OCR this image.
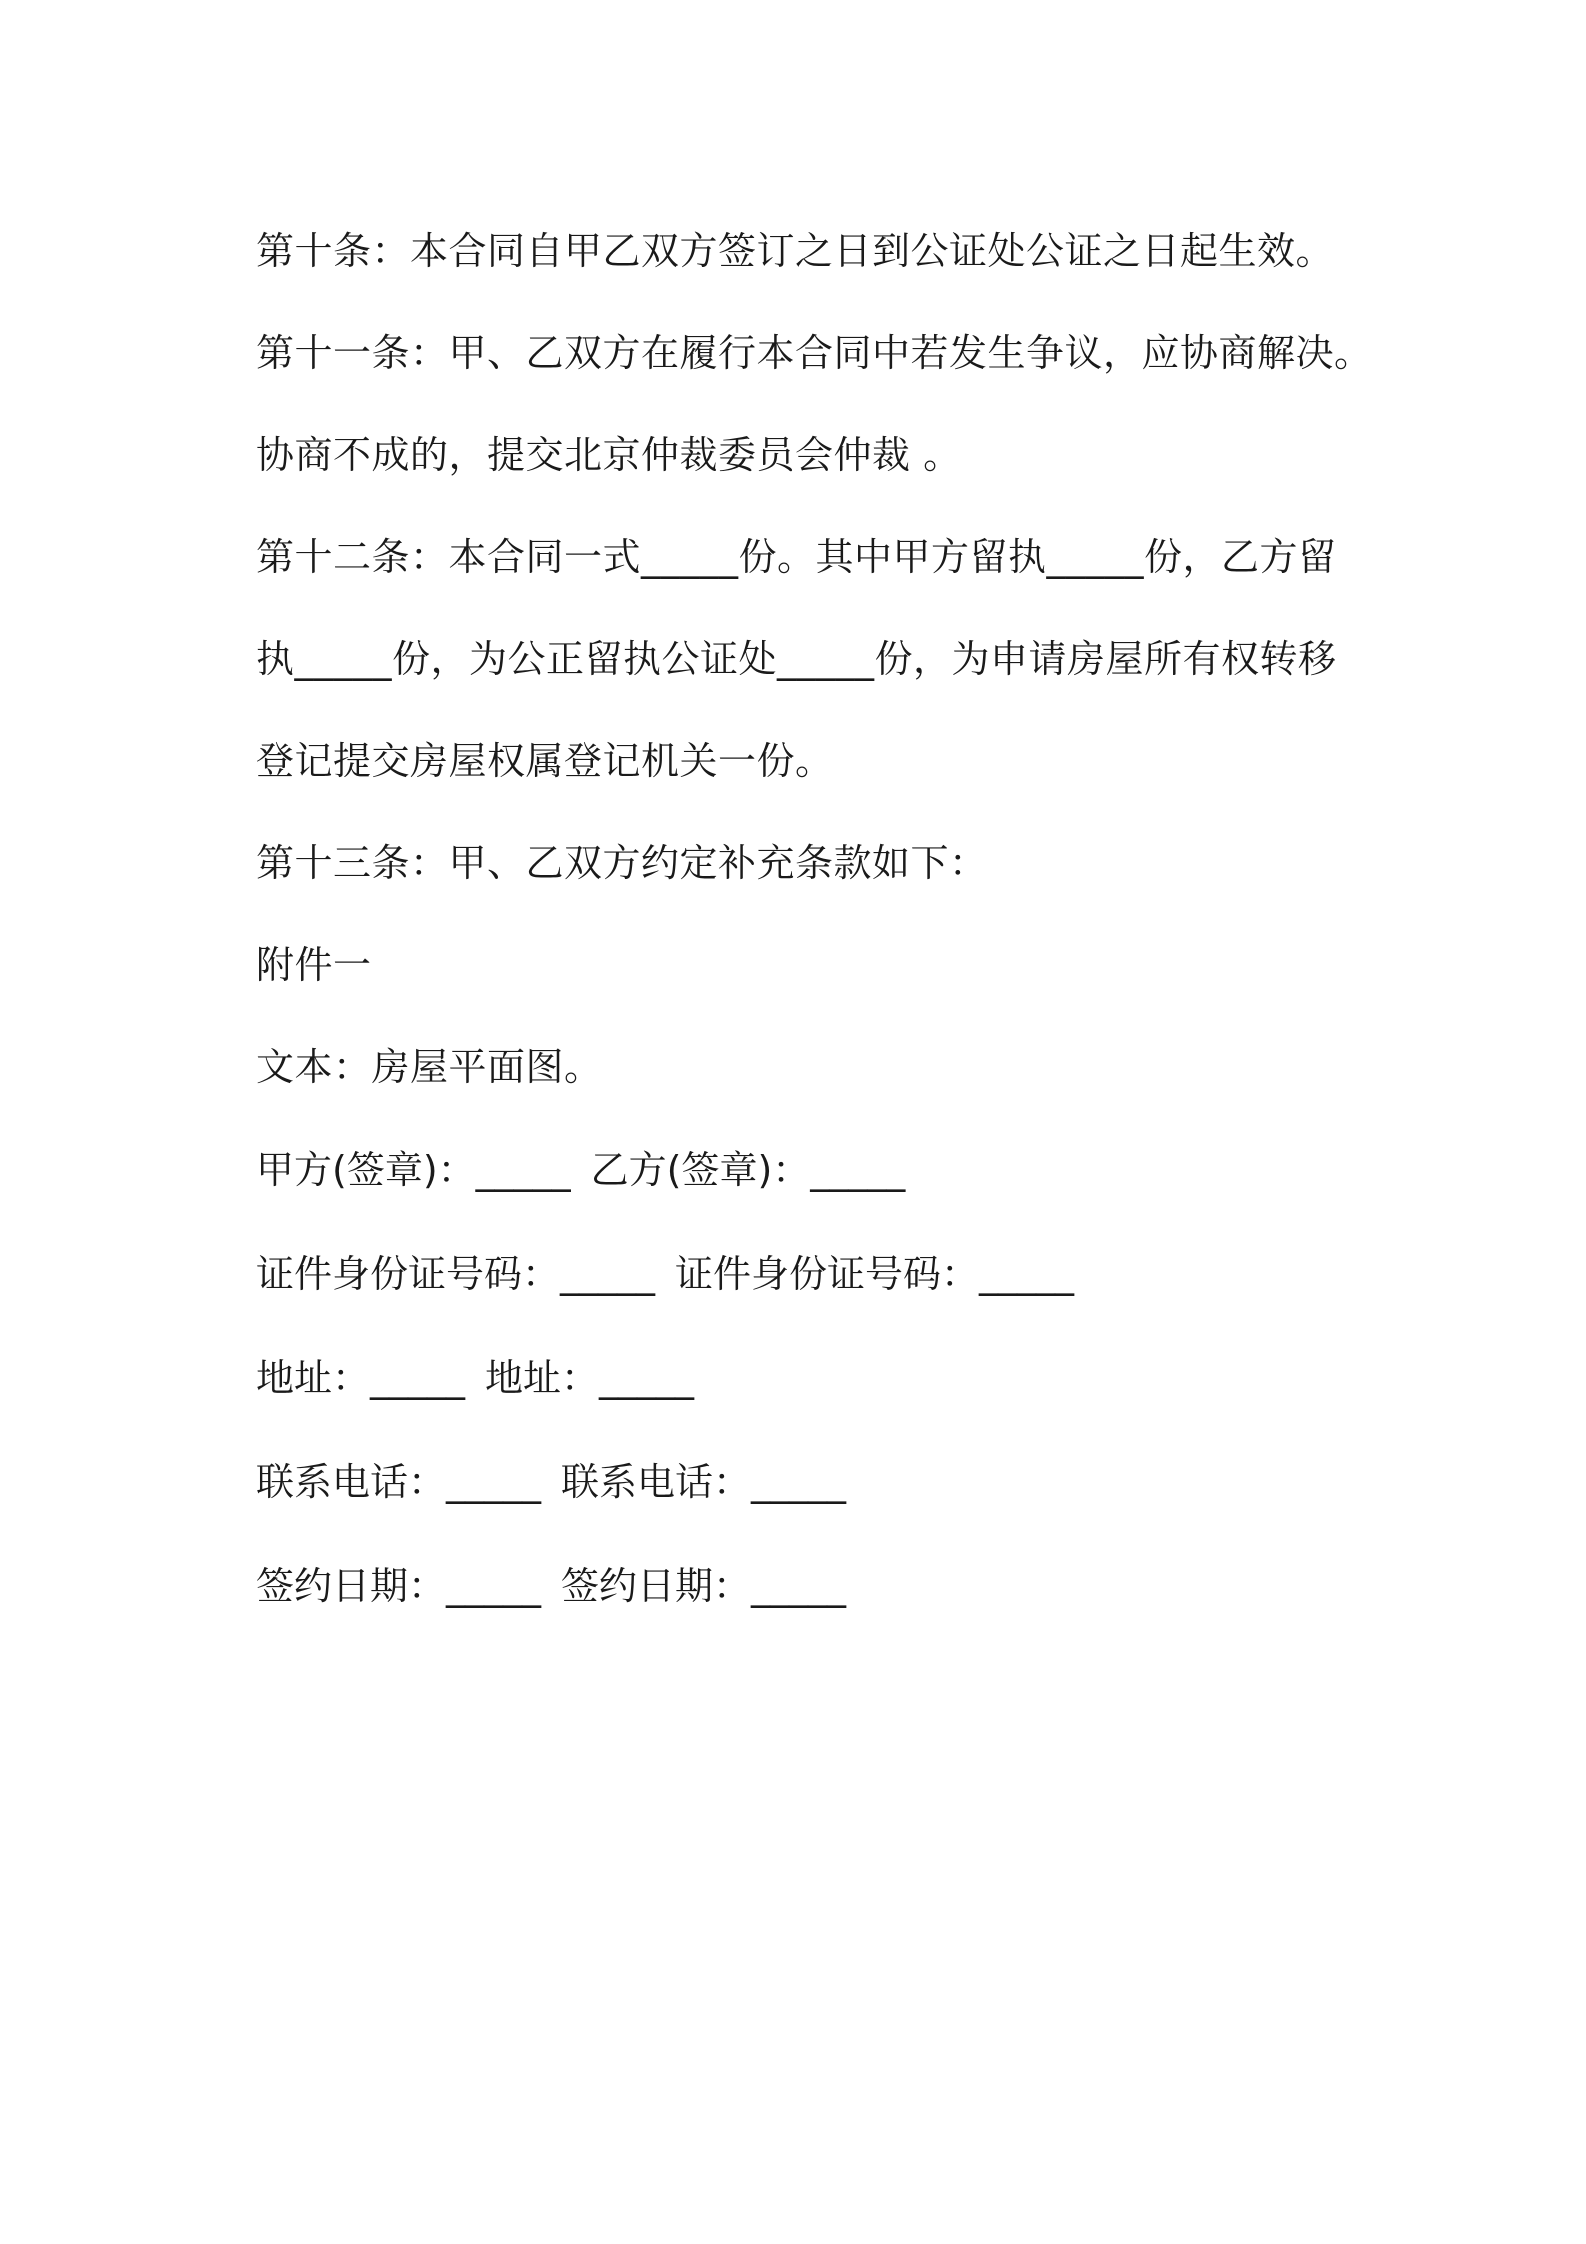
第十条：本合同自甲乙双方签订之日到公证处公证之日起生效。

第十一条：甲、乙双方在履行本合同中若发生争议，应协商解决。
协商不成的，提交北京仲裁委员会仲裁 。

第十二条：本合同一式_____份。其中甲方留执_____份，乙方留
执_____份，为公正留执公证处_____份，为申请房屋所有权转移
登记提交房屋权属登记机关一份。

第十三条：甲、乙双方约定补充条款如下：

附件一

文本：房屋平面图。

甲方(签章)：_____ 乙方(签章)：_____

证件身份证号码：_____ 证件身份证号码：_____

地址：_____ 地址：_____

联系电话：_____ 联系电话：_____

签约日期：_____ 签约日期：_____
